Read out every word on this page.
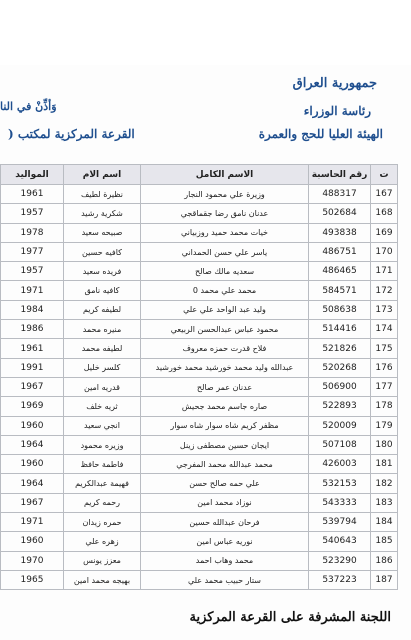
جمهورية العراق
رئاسة الوزراء
الهيئة العليا للحج والعمرة
وَأذِّنْ في النا
القرعة المركزية لمكتب (
ت	رقم الحاسبة	الاسم الكامل	اسم الام	المواليد
167	488317	وزيرة علي محمود النجار	نظيرة لطيف	1961
168	502684	عدنان نامق رضا جقماقجي	شكرية رشيد	1957
169	493838	خيات محمد حميد روزبياني	صبيحه سعيد	1978
170	486751	ياسر علي حسن الحمداني	كافيه حسين	1977
171	486465	سعديه مالك صالح	فريده سعيد	1957
172	584571	محمد علي محمد 0	كافيه نامق	1971
173	508638	وليد عبد الواحد علي علي	لطيفه كريم	1984
174	514416	محمود عباس عبدالحسن الربيعي	منيره محمد	1986
175	521826	فلاح قدرت حمزه معروف	لطيفه محمد	1961
176	520268	عبدالله وليد محمد خورشيد محمد خورشيد	كلسر خليل	1991
177	506900	عدنان عمر صالح	قدريه امين	1967
178	522893	صاره جاسم محمد جحيش	ثريه خلف	1969
179	520009	مظفر كريم شاه سوار شاه سوار	انجي سعيد	1960
180	507108	ايجان حسين مصطفى زينل	وزيره محمود	1964
181	426003	محمد عبدالله محمد المفرجي	فاطمة حافظ	1960
182	532153	علي حمه صالح حسن	فهيمة عبدالكريم	1964
183	543333	نوزاد محمد امين	رحمه كريم	1967
184	539794	فرحان عبدالله حسين	حمره زيدان	1971
185	540643	نوريه عباس امين	زهره علي	1960
186	523290	محمد وهاب احمد	معزز يونس	1970
187	537223	ستار حبيب محمد علي	بهيجه محمد امين	1965
اللجنة المشرفة على القرعة المركزية
